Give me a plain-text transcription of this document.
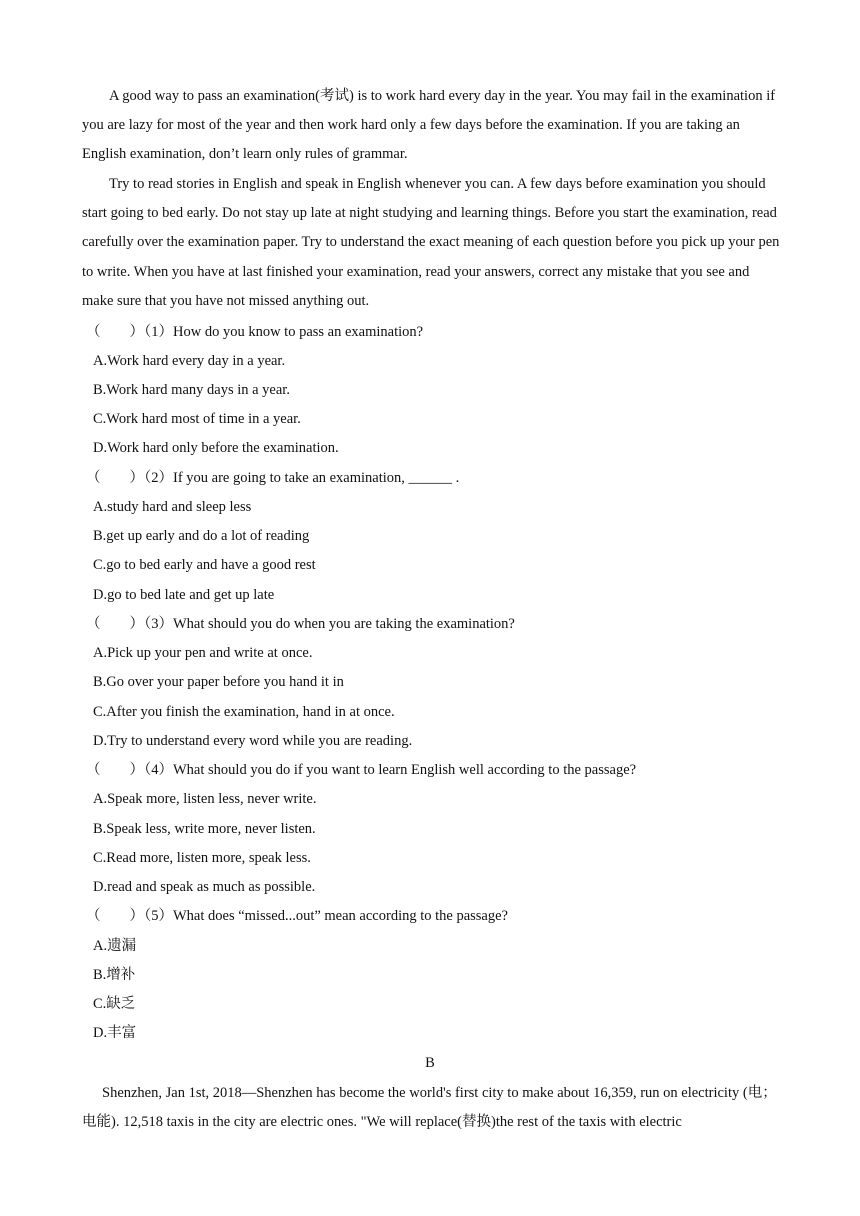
A good way to pass an examination(考试) is to work hard every day in the year. You may fail in the examination if you are lazy for most of the year and then work hard only a few days before the examination. If you are taking an English examination, don’t learn only rules of grammar.

Try to read stories in English and speak in English whenever you can. A few days before examination you should start going to bed early. Do not stay up late at night studying and learning things. Before you start the examination, read carefully over the examination paper. Try to understand the exact meaning of each question before you pick up your pen to write. When you have at last finished your examination, read your answers, correct any mistake that you see and make sure that you have not missed anything out.

（　　）（1）How do you know to pass an examination?
A.Work hard every day in a year.
B.Work hard many days in a year.
C.Work hard most of time in a year.
D.Work hard only before the examination.
（　　）（2）If you are going to take an examination, ______ .
A.study hard and sleep less
B.get up early and do a lot of reading
C.go to bed early and have a good rest
D.go to bed late and get up late
（　　）（3）What should you do when you are taking the examination?
A.Pick up your pen and write at once.
B.Go over your paper before you hand it in
C.After you finish the examination, hand in at once.
D.Try to understand every word while you are reading.
（　　）（4）What should you do if you want to learn English well according to the passage?
A.Speak more, listen less, never write.
B.Speak less, write more, never listen.
C.Read more, listen more, speak less.
D.read and speak as much as possible.
（　　）（5）What does “missed...out” mean according to the passage?
A.遗漏
B.增补
C.缺乏
D.丰富
B

Shenzhen, Jan 1st, 2018—Shenzhen has become the world's first city to make about 16,359, run on electricity (电；电能). 12,518 taxis in the city are electric ones. "We will replace(替换)the rest of the taxis with electric
